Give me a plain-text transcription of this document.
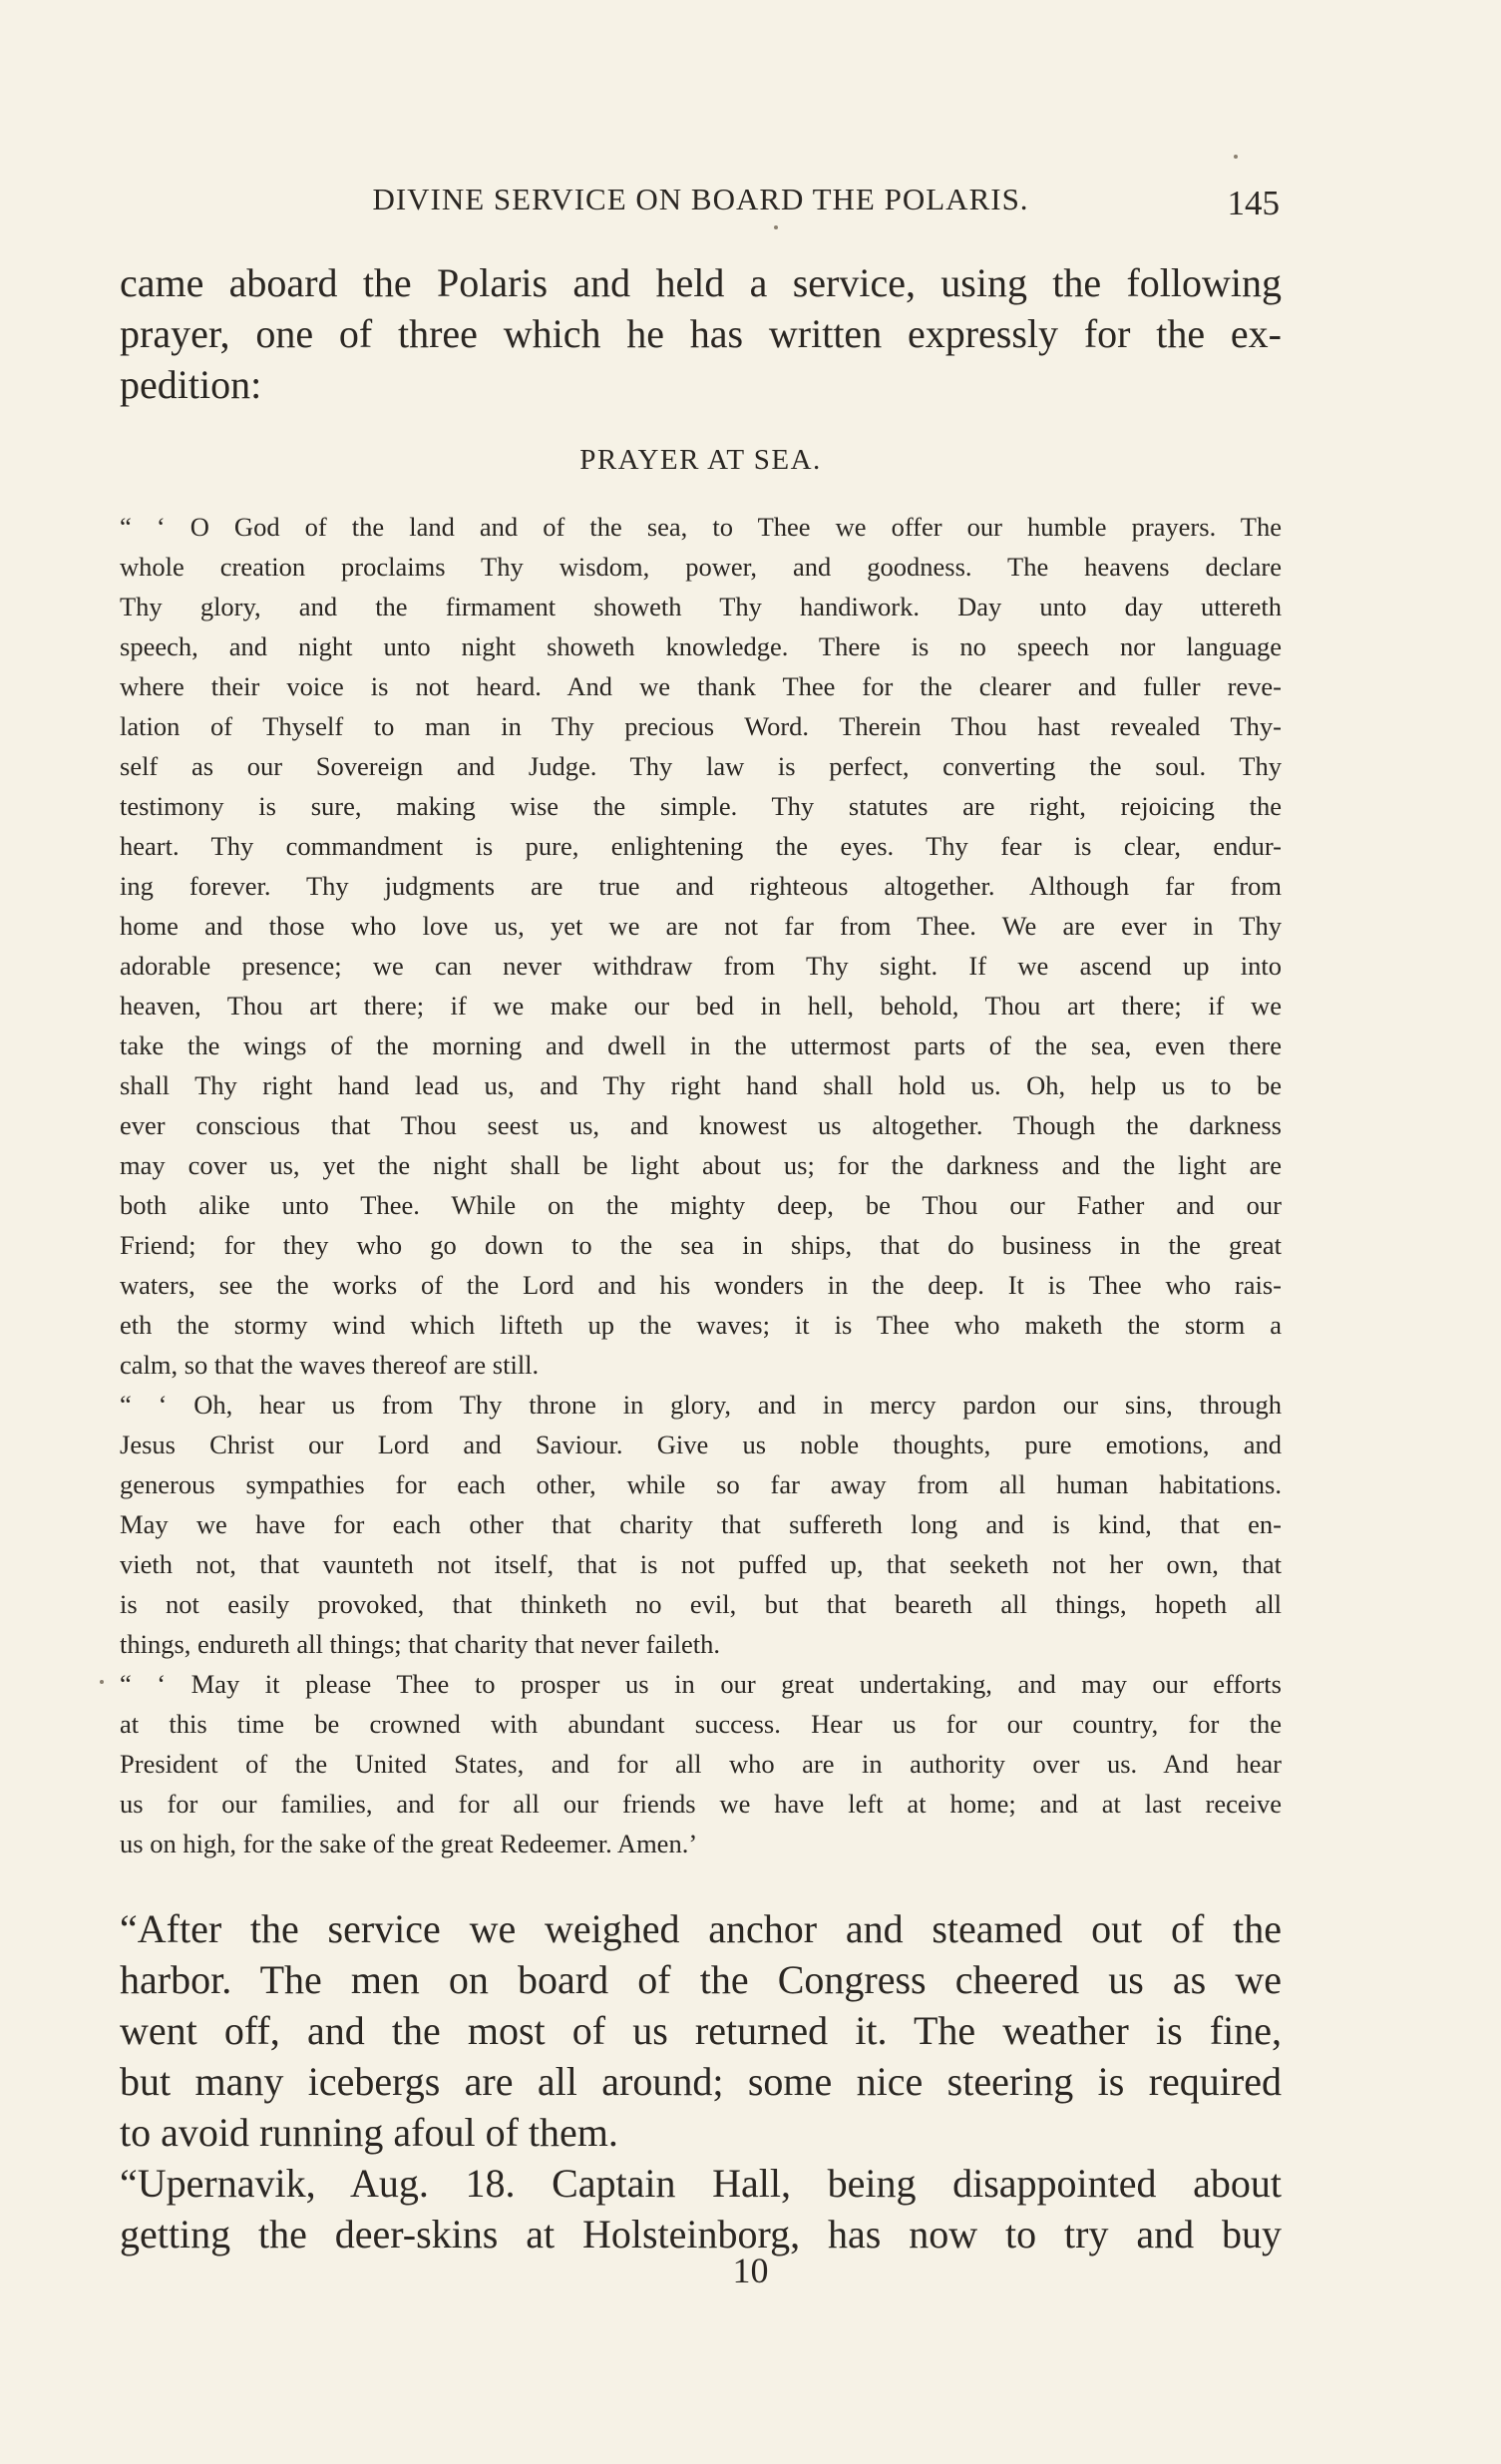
DIVINE SERVICE ON BOARD THE POLARIS.	145
came aboard the Polaris and held a service, using the following
prayer, one of three which he has written expressly for the ex-
pedition:
PRAYER AT SEA.
“ ‘ O God of the land and of the sea, to Thee we offer our humble prayers. The
whole creation proclaims Thy wisdom, power, and goodness. The heavens declare
Thy glory, and the firmament showeth Thy handiwork. Day unto day uttereth
speech, and night unto night showeth knowledge. There is no speech nor language
where their voice is not heard. And we thank Thee for the clearer and fuller reve-
lation of Thyself to man in Thy precious Word. Therein Thou hast revealed Thy-
self as our Sovereign and Judge. Thy law is perfect, converting the soul. Thy
testimony is sure, making wise the simple. Thy statutes are right, rejoicing the
heart. Thy commandment is pure, enlightening the eyes. Thy fear is clear, endur-
ing forever. Thy judgments are true and righteous altogether. Although far from
home and those who love us, yet we are not far from Thee. We are ever in Thy
adorable presence; we can never withdraw from Thy sight. If we ascend up into
heaven, Thou art there; if we make our bed in hell, behold, Thou art there; if we
take the wings of the morning and dwell in the uttermost parts of the sea, even there
shall Thy right hand lead us, and Thy right hand shall hold us. Oh, help us to be
ever conscious that Thou seest us, and knowest us altogether. Though the darkness
may cover us, yet the night shall be light about us; for the darkness and the light are
both alike unto Thee. While on the mighty deep, be Thou our Father and our
Friend; for they who go down to the sea in ships, that do business in the great
waters, see the works of the Lord and his wonders in the deep. It is Thee who rais-
eth the stormy wind which lifteth up the waves; it is Thee who maketh the storm a
calm, so that the waves thereof are still.
“ ‘ Oh, hear us from Thy throne in glory, and in mercy pardon our sins, through
Jesus Christ our Lord and Saviour. Give us noble thoughts, pure emotions, and
generous sympathies for each other, while so far away from all human habitations.
May we have for each other that charity that suffereth long and is kind, that en-
vieth not, that vaunteth not itself, that is not puffed up, that seeketh not her own, that
is not easily provoked, that thinketh no evil, but that beareth all things, hopeth all
things, endureth all things; that charity that never faileth.
“ ‘ May it please Thee to prosper us in our great undertaking, and may our efforts
at this time be crowned with abundant success. Hear us for our country, for the
President of the United States, and for all who are in authority over us. And hear
us for our families, and for all our friends we have left at home; and at last receive
us on high, for the sake of the great Redeemer. Amen.’
“After the service we weighed anchor and steamed out of the
harbor. The men on board of the Congress cheered us as we
went off, and the most of us returned it. The weather is fine,
but many icebergs are all around; some nice steering is required
to avoid running afoul of them.
“Upernavik, Aug. 18. Captain Hall, being disappointed about
getting the deer-skins at Holsteinborg, has now to try and buy
10
